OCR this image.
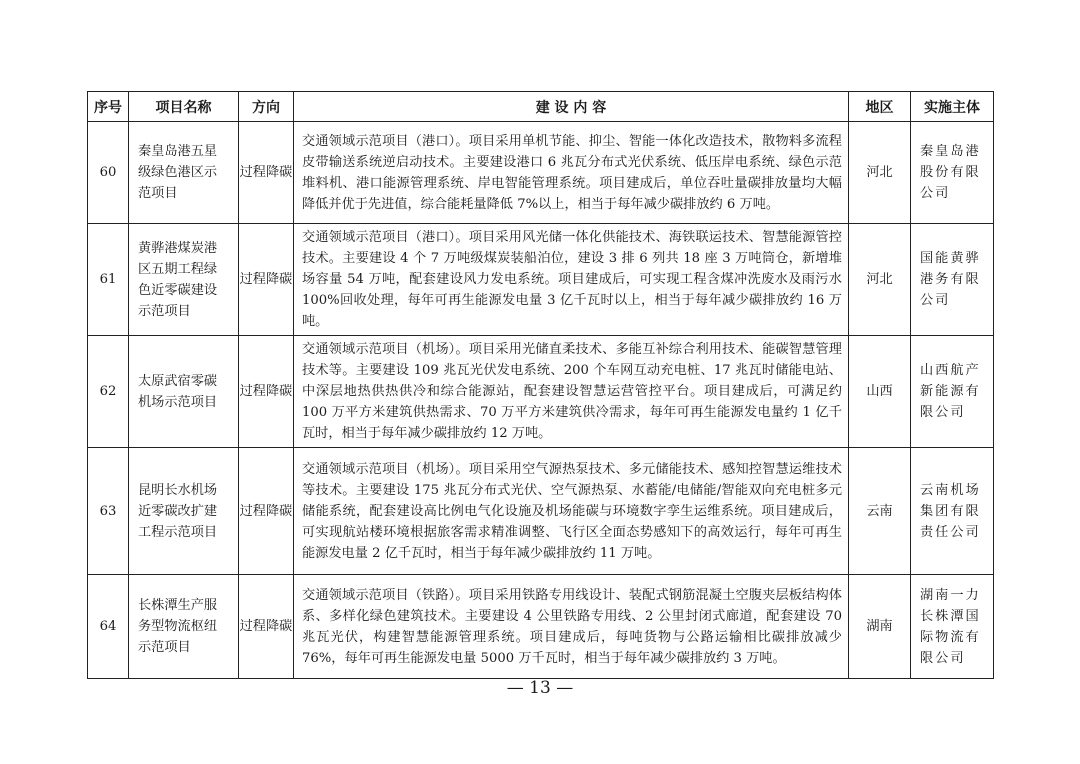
序号	项目名称	方向	建 设 内 容	地区	实施主体
60	秦皇岛港五星级绿色港区示范项目	过程降碳	交通领域示范项目（港口）。项目采用单机节能、抑尘、智能一体化改造技术，散物料多流程皮带输送系统逆启动技术。主要建设港口 6 兆瓦分布式光伏系统、低压岸电系统、绿色示范堆料机、港口能源管理系统、岸电智能管理系统。项目建成后，单位吞吐量碳排放量均大幅降低并优于先进值，综合能耗量降低 7%以上，相当于每年减少碳排放约 6 万吨。	河北	秦皇岛港股份有限公司
61	黄骅港煤炭港区五期工程绿色近零碳建设示范项目	过程降碳	交通领域示范项目（港口）。项目采用风光储一体化供能技术、海铁联运技术、智慧能源管控技术。主要建设 4 个 7 万吨级煤炭装船泊位，建设 3 排 6 列共 18 座 3 万吨筒仓，新增堆场容量 54 万吨，配套建设风力发电系统。项目建成后，可实现工程含煤冲洗废水及雨污水 100%回收处理，每年可再生能源发电量 3 亿千瓦时以上，相当于每年减少碳排放约 16 万吨。	河北	国能黄骅港务有限公司
62	太原武宿零碳机场示范项目	过程降碳	交通领域示范项目（机场）。项目采用光储直柔技术、多能互补综合利用技术、能碳智慧管理技术等。主要建设 109 兆瓦光伏发电系统、200 个车网互动充电桩、17 兆瓦时储能电站、中深层地热供热供冷和综合能源站，配套建设智慧运营管控平台。项目建成后，可满足约 100 万平方米建筑供热需求、70 万平方米建筑供冷需求，每年可再生能源发电量约 1 亿千瓦时，相当于每年减少碳排放约 12 万吨。	山西	山西航产新能源有限公司
63	昆明长水机场近零碳改扩建工程示范项目	过程降碳	交通领域示范项目（机场）。项目采用空气源热泵技术、多元储能技术、感知控智慧运维技术等技术。主要建设 175 兆瓦分布式光伏、空气源热泵、水蓄能/电储能/智能双向充电桩多元储能系统，配套建设高比例电气化设施及机场能碳与环境数字孪生运维系统。项目建成后，可实现航站楼环境根据旅客需求精准调整、飞行区全面态势感知下的高效运行，每年可再生能源发电量 2 亿千瓦时，相当于每年减少碳排放约 11 万吨。	云南	云南机场集团有限责任公司
64	长株潭生产服务型物流枢纽示范项目	过程降碳	交通领域示范项目（铁路）。项目采用铁路专用线设计、装配式钢筋混凝土空腹夹层板结构体系、多样化绿色建筑技术。主要建设 4 公里铁路专用线、2 公里封闭式廊道，配套建设 70 兆瓦光伏，构建智慧能源管理系统。项目建成后，每吨货物与公路运输相比碳排放减少 76%，每年可再生能源发电量 5000 万千瓦时，相当于每年减少碳排放约 3 万吨。	湖南	湖南一力长株潭国际物流有限公司
— 13 —
